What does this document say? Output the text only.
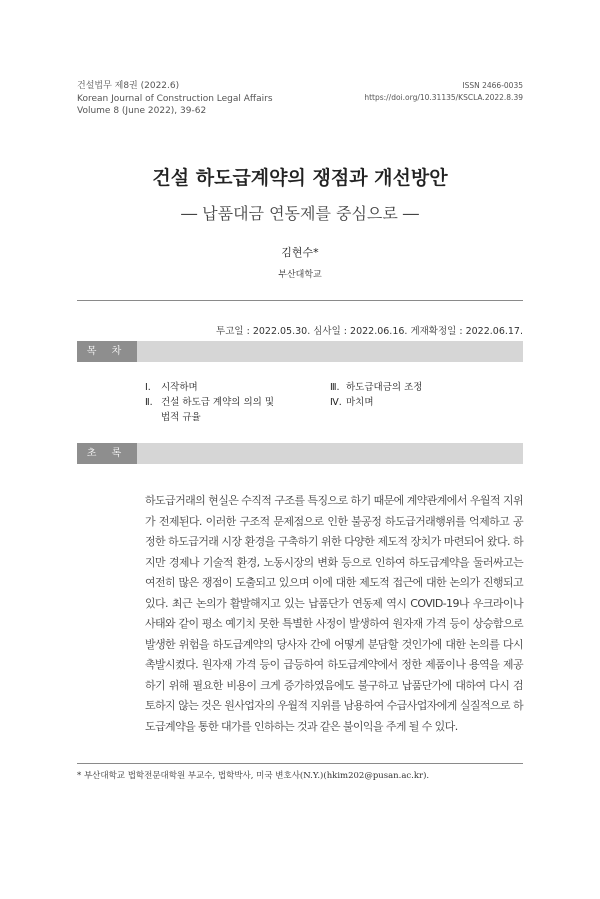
건설법무 제8권 (2022.6)
Korean Journal of Construction Legal Affairs
Volume 8 (June 2022), 39-62
ISSN 2466-0035
https://doi.org/10.31135/KSCLA.2022.8.39
건설 하도급계약의 쟁점과 개선방안
― 납품대금 연동제를 중심으로 ―
김현수*
부산대학교
투고일 : 2022.05.30. 심사일 : 2022.06.16. 게재확정일 : 2022.06.17.
목 차
Ⅰ.	시작하며
Ⅱ. 건설 하도급 계약의 의의 및
법적 규율
Ⅲ. 하도급대금의 조정
Ⅳ. 마치며
초 록

하도급거래의 현실은 수직적 구조를 특징으로 하기 때문에 계약관계에서 우월적 지위가 전제된다. 이러한 구조적 문제점으로 인한 불공정 하도급거래행위를 억제하고 공정한 하도급거래 시장 환경을 구축하기 위한 다양한 제도적 장치가 마련되어 왔다. 하지만 경제나 기술적 환경, 노동시장의 변화 등으로 인하여 하도급계약을 둘러싸고는 여전히 많은 쟁점이 도출되고 있으며 이에 대한 제도적 접근에 대한 논의가 진행되고 있다. 최근 논의가 활발해지고 있는 납품단가 연동제 역시 COVID-19나 우크라이나 사태와 같이 평소 예기치 못한 특별한 사정이 발생하여 원자재 가격 등이 상승함으로 발생한 위험을 하도급계약의 당사자 간에 어떻게 분담할 것인가에 대한 논의를 다시 촉발시켰다. 원자재 가격 등이 급등하여 하도급계약에서 정한 제품이나 용역을 제공하기 위해 필요한 비용이 크게 증가하였음에도 불구하고 납품단가에 대하여 다시 검토하지 않는 것은 원사업자의 우월적 지위를 남용하여 수급사업자에게 실질적으로 하도급계약을 통한 대가를 인하하는 것과 같은 불이익을 주게 될 수 있다.

* 부산대학교 법학전문대학원 부교수, 법학박사, 미국 변호사(N.Y.)(hkim202@pusan.ac.kr).
